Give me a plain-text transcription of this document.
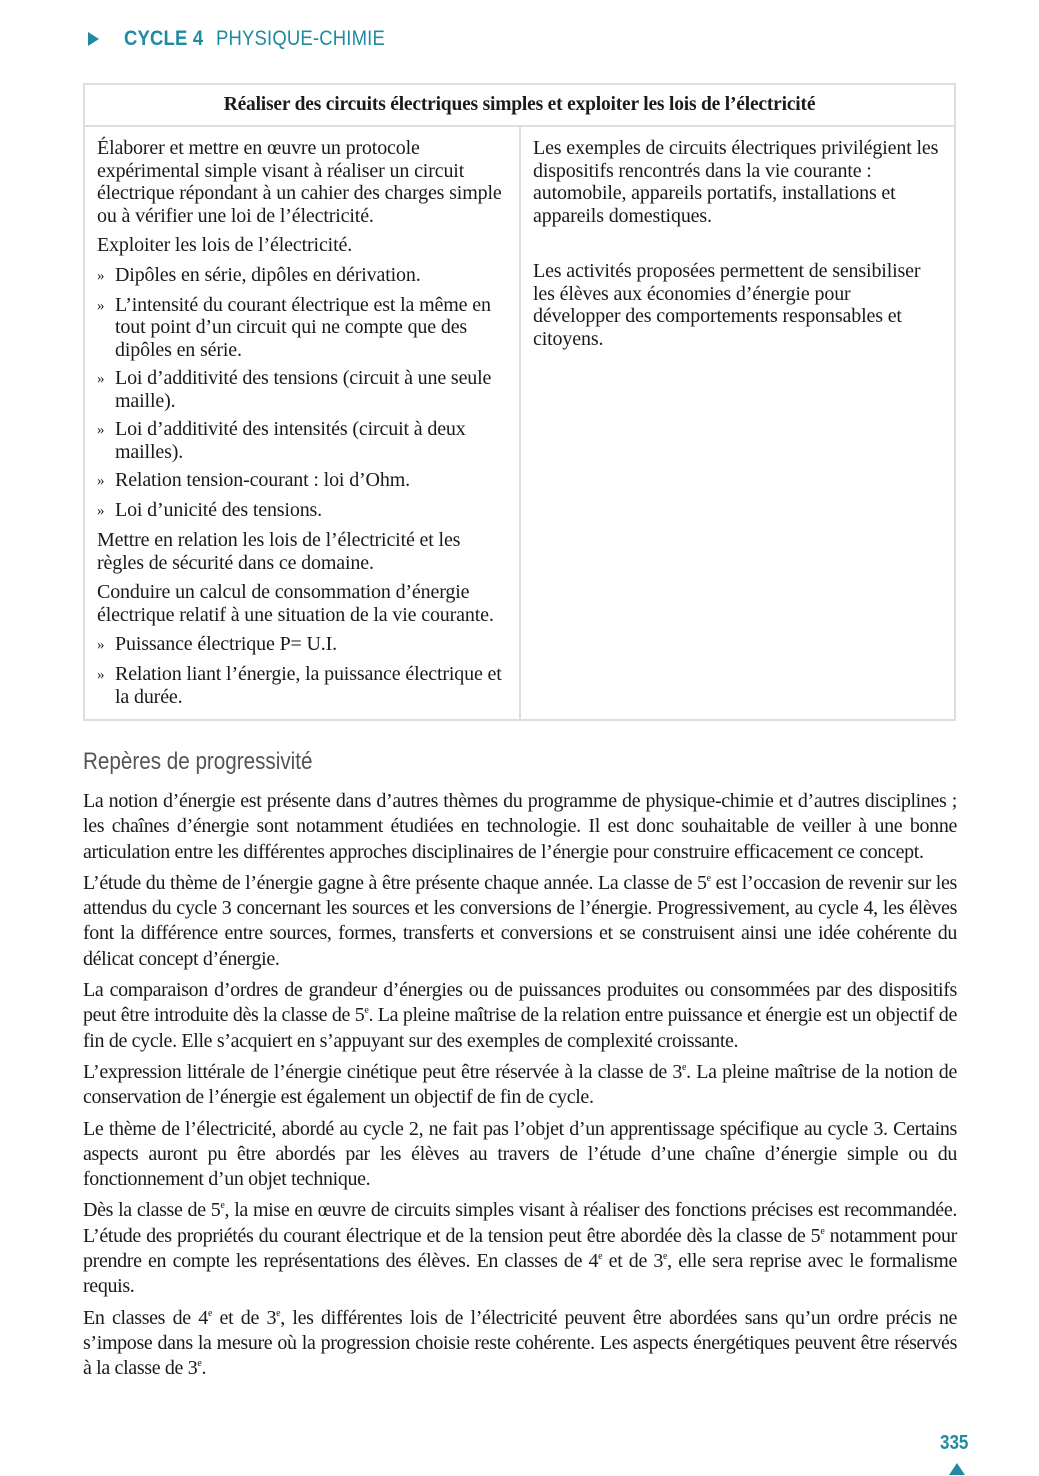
CYCLE 4 PHYSIQUE-CHIMIE
Réaliser des circuits électriques simples et exploiter les lois de l’électricité

Élaborer et mettre en œuvre un protocole expérimental simple visant à réaliser un circuit électrique répondant à un cahier des charges simple ou à vérifier une loi de l’électricité.

Exploiter les lois de l’électricité.

» Dipôles en série, dipôles en dérivation.
» L’intensité du courant électrique est la même en tout point d’un circuit qui ne compte que des dipôles en série.
» Loi d’additivité des tensions (circuit à une seule maille).
» Loi d’additivité des intensités (circuit à deux mailles).
» Relation tension-courant : loi d’Ohm.
» Loi d’unicité des tensions.

Mettre en relation les lois de l’électricité et les règles de sécurité dans ce domaine.

Conduire un calcul de consommation d’énergie électrique relatif à une situation de la vie courante.

» Puissance électrique P= U.I.
» Relation liant l’énergie, la puissance électrique et la durée.

Les exemples de circuits électriques privilégient les dispositifs rencontrés dans la vie courante : automobile, appareils portatifs, installations et appareils domestiques.

Les activités proposées permettent de sensibiliser les élèves aux économies d’énergie pour développer des comportements responsables et citoyens.

Repères de progressivité

La notion d’énergie est présente dans d’autres thèmes du programme de physique-chimie et d’autres disciplines ; les chaînes d’énergie sont notamment étudiées en technologie. Il est donc souhaitable de veiller à une bonne articulation entre les différentes approches disciplinaires de l’énergie pour construire efficacement ce concept.

L’étude du thème de l’énergie gagne à être présente chaque année. La classe de 5e est l’occasion de revenir sur les attendus du cycle 3 concernant les sources et les conversions de l’énergie. Progressivement, au cycle 4, les élèves font la différence entre sources, formes, transferts et conversions et se construisent ainsi une idée cohérente du délicat concept d’énergie.

La comparaison d’ordres de grandeur d’énergies ou de puissances produites ou consommées par des dispositifs peut être introduite dès la classe de 5e. La pleine maîtrise de la relation entre puissance et énergie est un objectif de fin de cycle. Elle s’acquiert en s’appuyant sur des exemples de complexité croissante.

L’expression littérale de l’énergie cinétique peut être réservée à la classe de 3e. La pleine maîtrise de la notion de conservation de l’énergie est également un objectif de fin de cycle.

Le thème de l’électricité, abordé au cycle 2, ne fait pas l’objet d’un apprentissage spécifique au cycle 3. Certains aspects auront pu être abordés par les élèves au travers de l’étude d’une chaîne d’énergie simple ou du fonctionnement d’un objet technique.

Dès la classe de 5e, la mise en œuvre de circuits simples visant à réaliser des fonctions précises est recommandée. L’étude des propriétés du courant électrique et de la tension peut être abordée dès la classe de 5e notamment pour prendre en compte les représentations des élèves. En classes de 4e et de 3e, elle sera reprise avec le formalisme requis.

En classes de 4e et de 3e, les différentes lois de l’électricité peuvent être abordées sans qu’un ordre précis ne s’impose dans la mesure où la progression choisie reste cohérente. Les aspects énergétiques peuvent être réservés à la classe de 3e.

335
